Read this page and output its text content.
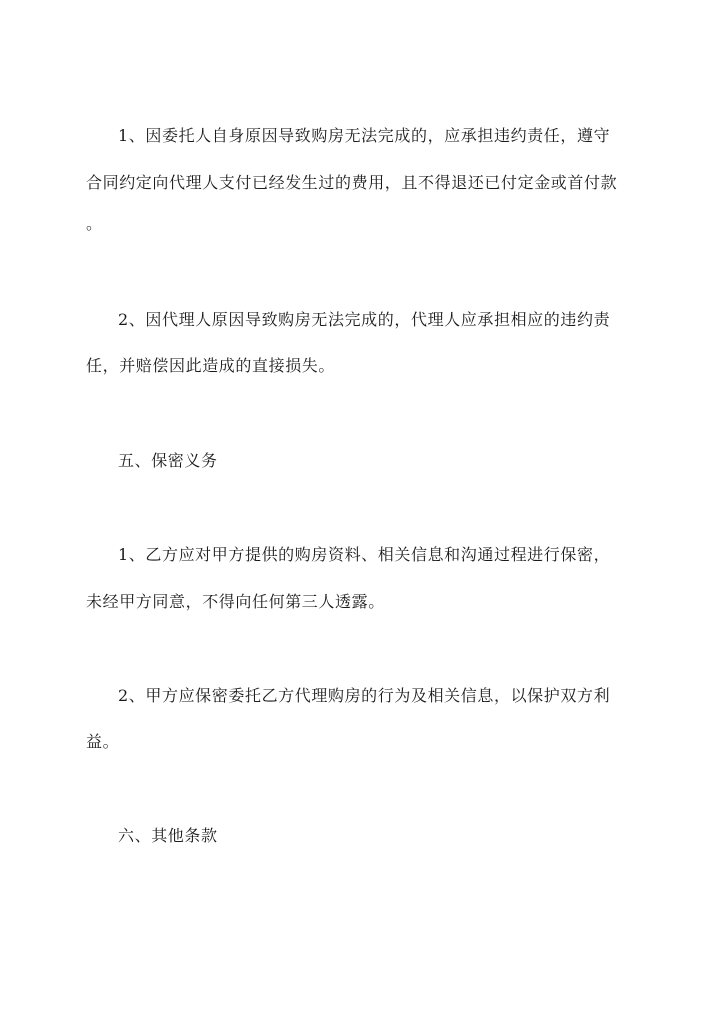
1、因委托人自身原因导致购房无法完成的，应承担违约责任，遵守
合同约定向代理人支付已经发生过的费用，且不得退还已付定金或首付款
。
2、因代理人原因导致购房无法完成的，代理人应承担相应的违约责
任，并赔偿因此造成的直接损失。
五、保密义务
1、乙方应对甲方提供的购房资料、相关信息和沟通过程进行保密，
未经甲方同意，不得向任何第三人透露。
2、甲方应保密委托乙方代理购房的行为及相关信息，以保护双方利
益。
六、其他条款
